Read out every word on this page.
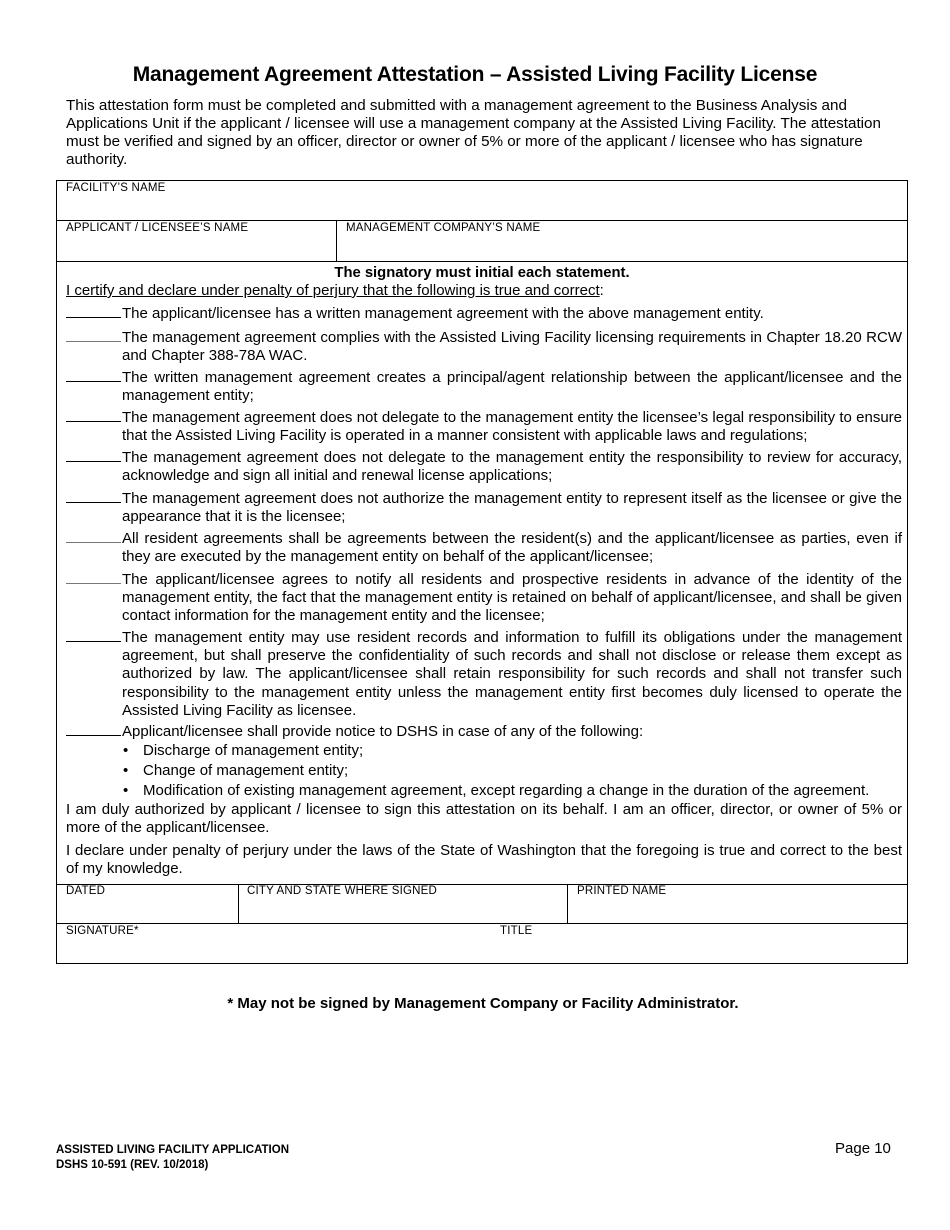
Management Agreement Attestation – Assisted Living Facility License
This attestation form must be completed and submitted with a management agreement to the Business Analysis and Applications Unit if the applicant / licensee will use a management company at the Assisted Living Facility. The attestation must be verified and signed by an officer, director or owner of 5% or more of the applicant / licensee who has signature authority.
FACILITY’S NAME
APPLICANT / LICENSEE’S NAME	MANAGEMENT COMPANY’S NAME
The signatory must initial each statement.
I certify and declare under penalty of perjury that the following is true and correct:
The applicant/licensee has a written management agreement with the above management entity.
The management agreement complies with the Assisted Living Facility licensing requirements in Chapter 18.20 RCW and Chapter 388-78A WAC.
The written management agreement creates a principal/agent relationship between the applicant/licensee and the management entity;
The management agreement does not delegate to the management entity the licensee’s legal responsibility to ensure that the Assisted Living Facility is operated in a manner consistent with applicable laws and regulations;
The management agreement does not delegate to the management entity the responsibility to review for accuracy, acknowledge and sign all initial and renewal license applications;
The management agreement does not authorize the management entity to represent itself as the licensee or give the appearance that it is the licensee;
All resident agreements shall be agreements between the resident(s) and the applicant/licensee as parties, even if they are executed by the management entity on behalf of the applicant/licensee;
The applicant/licensee agrees to notify all residents and prospective residents in advance of the identity of the management entity, the fact that the management entity is retained on behalf of applicant/licensee, and shall be given contact information for the management entity and the licensee;
The management entity may use resident records and information to fulfill its obligations under the management agreement, but shall preserve the confidentiality of such records and shall not disclose or release them except as authorized by law. The applicant/licensee shall retain responsibility for such records and shall not transfer such responsibility to the management entity unless the management entity first becomes duly licensed to operate the Assisted Living Facility as licensee.
Applicant/licensee shall provide notice to DSHS in case of any of the following:
• Discharge of management entity;
• Change of management entity;
• Modification of existing management agreement, except regarding a change in the duration of the agreement.
I am duly authorized by applicant / licensee to sign this attestation on its behalf. I am an officer, director, or owner of 5% or more of the applicant/licensee.
I declare under penalty of perjury under the laws of the State of Washington that the foregoing is true and correct to the best of my knowledge.
DATED	CITY AND STATE WHERE SIGNED	PRINTED NAME
SIGNATURE*	TITLE
* May not be signed by Management Company or Facility Administrator.
ASSISTED LIVING FACILITY APPLICATION
DSHS 10-591 (REV. 10/2018)
Page 10
